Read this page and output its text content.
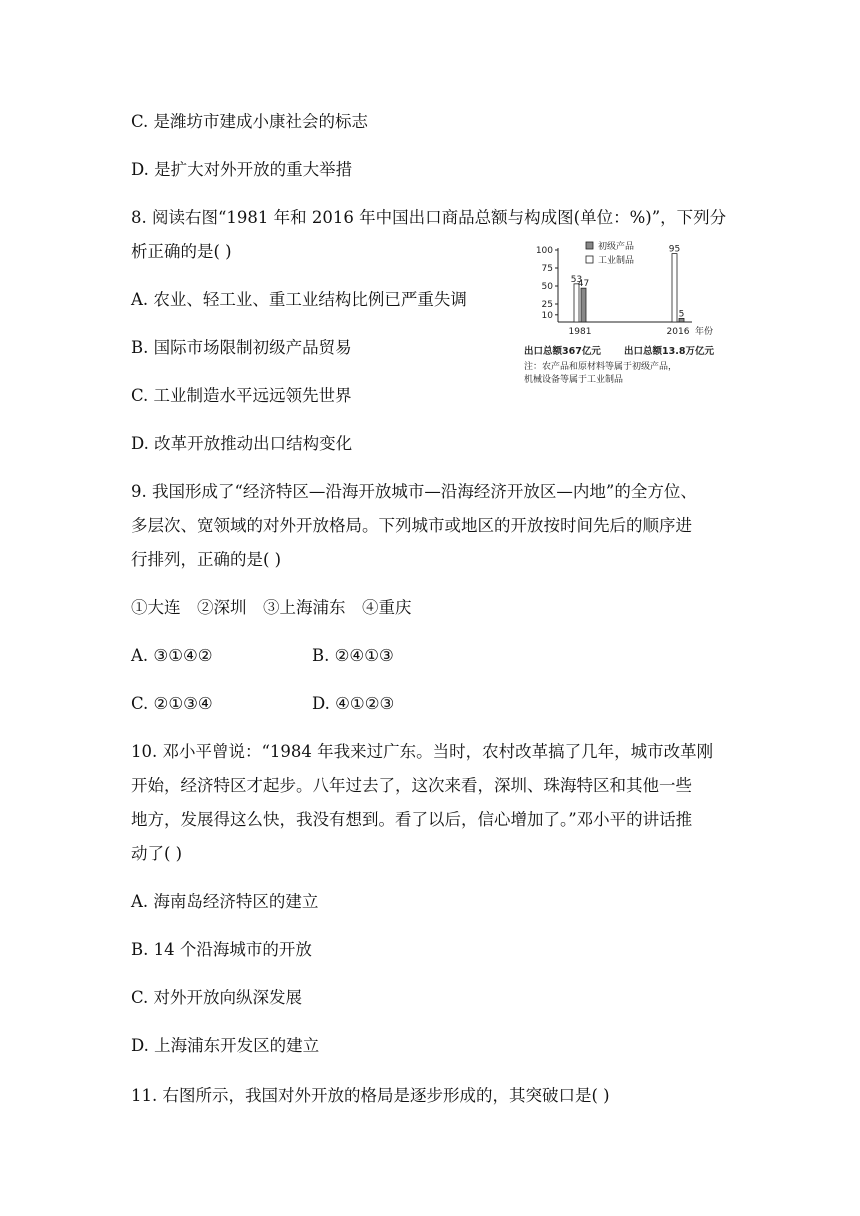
C. 是潍坊市建成小康社会的标志
D. 是扩大对外开放的重大举措
8. 阅读右图“1981 年和 2016 年中国出口商品总额与构成图(单位：%)”，下列分
析正确的是( )
A. 农业、轻工业、重工业结构比例已严重失调
B. 国际市场限制初级产品贸易
C. 工业制造水平远远领先世界
D. 改革开放推动出口结构变化
9. 我国形成了“经济特区—沿海开放城市—沿海经济开放区—内地”的全方位、
多层次、宽领域的对外开放格局。下列城市或地区的开放按时间先后的顺序进
行排列，正确的是( )
①大连　②深圳　③上海浦东　④重庆
A. ③①④②	B. ②④①③
C. ②①③④	D. ④①②③
10. 邓小平曾说：“1984 年我来过广东。当时，农村改革搞了几年，城市改革刚
开始，经济特区才起步。八年过去了，这次来看，深圳、珠海特区和其他一些
地方，发展得这么快，我没有想到。看了以后，信心增加了。”邓小平的讲话推
动了( )
A. 海南岛经济特区的建立
B. 14 个沿海城市的开放
C. 对外开放向纵深发展
D. 上海浦东开发区的建立
11. 右图所示，我国对外开放的格局是逐步形成的，其突破口是( )
10
25
50
75
100
53
47
1981
95
5
2016 年份
初级产品
工业制品
出口总额367亿元 出口总额13.8万亿元
注：农产品和原材料等属于初级产品，
机械设备等属于工业制品
